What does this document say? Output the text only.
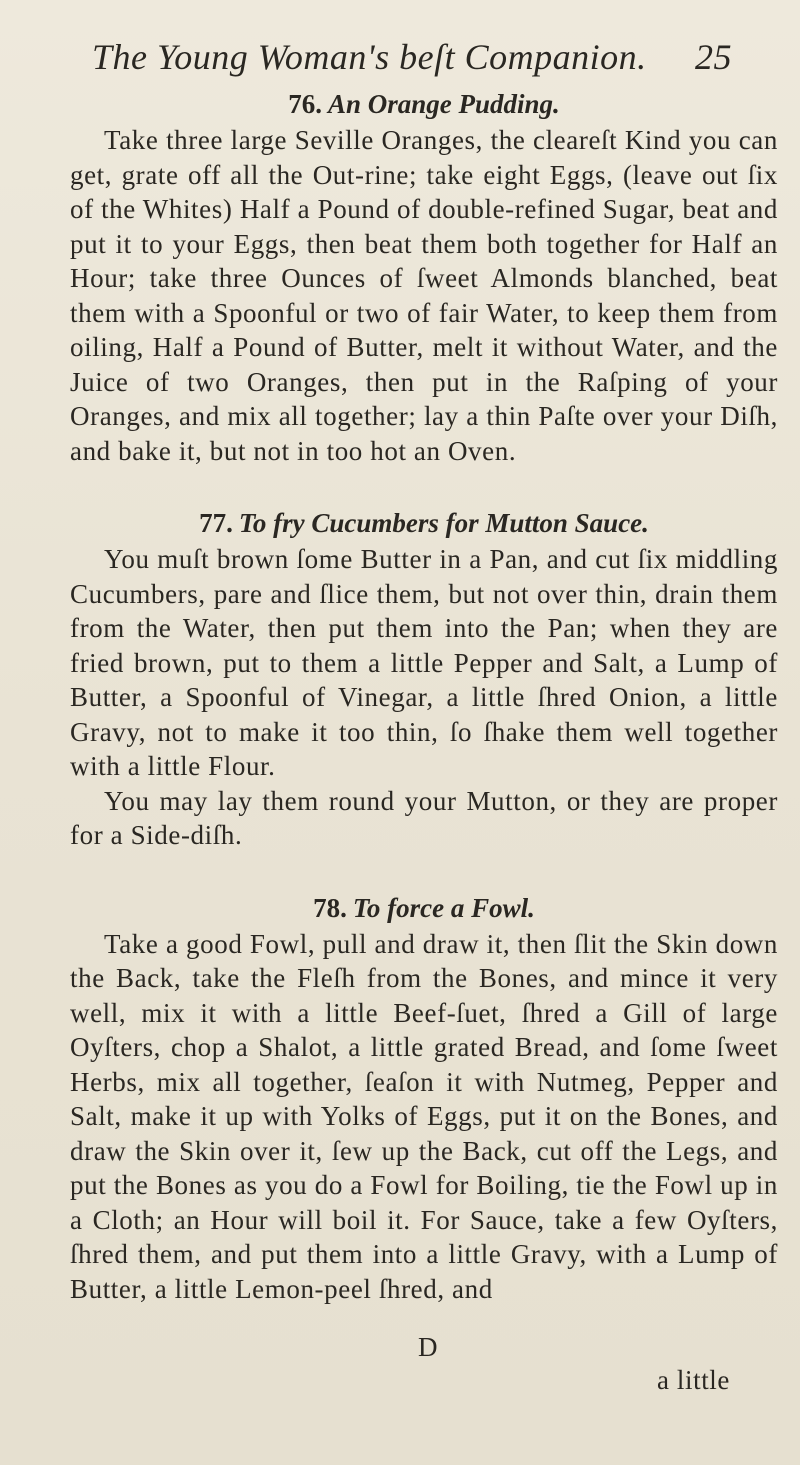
The Young Woman's beſt Companion. 25
76. An Orange Pudding.

Take three large Seville Oranges, the cleareſt Kind you can get, grate off all the Out-rine; take eight Eggs, (leave out ſix of the Whites) Half a Pound of double-refined Sugar, beat and put it to your Eggs, then beat them both together for Half an Hour; take three Ounces of ſweet Almonds blanched, beat them with a Spoonful or two of fair Water, to keep them from oiling, Half a Pound of Butter, melt it without Water, and the Juice of two Oranges, then put in the Raſping of your Oranges, and mix all together; lay a thin Paſte over your Diſh, and bake it, but not in too hot an Oven.

77. To fry Cucumbers for Mutton Sauce.

You muſt brown ſome Butter in a Pan, and cut ſix middling Cucumbers, pare and ſlice them, but not over thin, drain them from the Water, then put them into the Pan; when they are fried brown, put to them a little Pepper and Salt, a Lump of Butter, a Spoonful of Vinegar, a little ſhred Onion, a little Gravy, not to make it too thin, ſo ſhake them well together with a little Flour.

You may lay them round your Mutton, or they are proper for a Side-diſh.

78. To force a Fowl.

Take a good Fowl, pull and draw it, then ſlit the Skin down the Back, take the Fleſh from the Bones, and mince it very well, mix it with a little Beef-ſuet, ſhred a Gill of large Oyſters, chop a Shalot, a little grated Bread, and ſome ſweet Herbs, mix all together, ſeaſon it with Nutmeg, Pepper and Salt, make it up with Yolks of Eggs, put it on the Bones, and draw the Skin over it, ſew up the Back, cut off the Legs, and put the Bones as you do a Fowl for Boiling, tie the Fowl up in a Cloth; an Hour will boil it. For Sauce, take a few Oyſters, ſhred them, and put them into a little Gravy, with a Lump of Butter, a little Lemon-peel ſhred, and

D
a little
